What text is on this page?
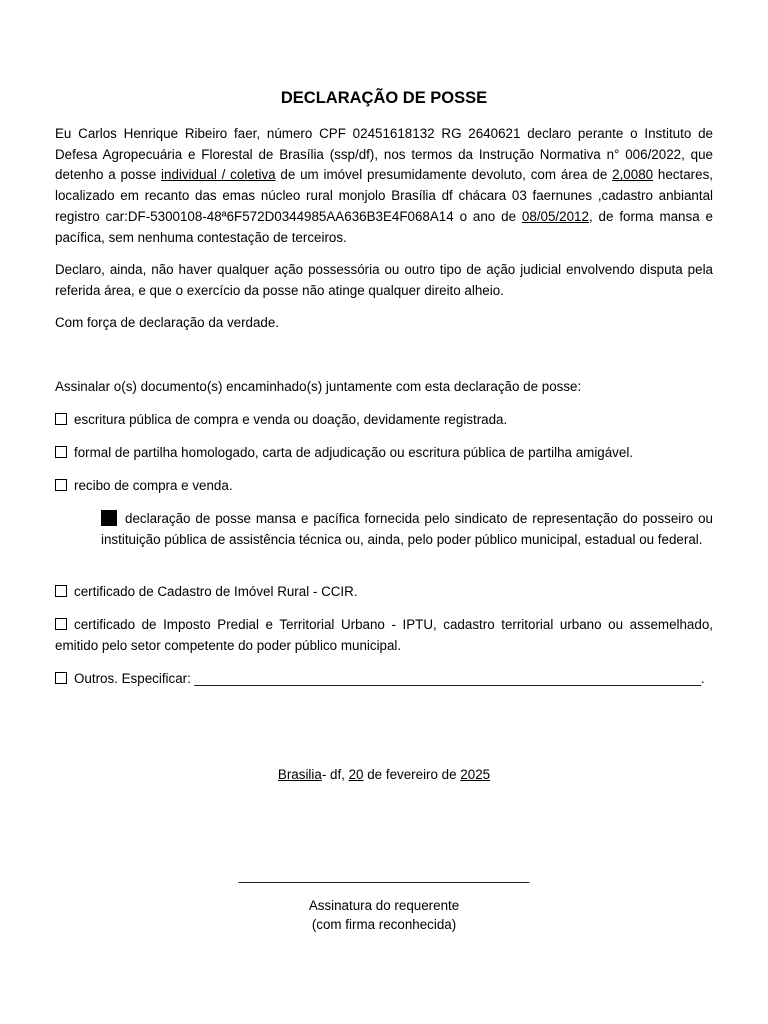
DECLARAÇÃO DE POSSE

Eu Carlos Henrique Ribeiro faer, número CPF 02451618132 RG 2640621 declaro perante o Instituto de Defesa Agropecuária e Florestal de Brasília (ssp/df), nos termos da Instrução Normativa n° 006/2022, que detenho a posse individual / coletiva de um imóvel presumidamente devoluto, com área de 2,0080 hectares, localizado em recanto das emas núcleo rural monjolo Brasília df chácara 03 faernunes ,cadastro anbiantal registro car:DF-5300108-48ª6F572D0344985AA636B3E4F068A14 o ano de 08/05/2012, de forma mansa e pacífica, sem nenhuma contestação de terceiros.

Declaro, ainda, não haver qualquer ação possessória ou outro tipo de ação judicial envolvendo disputa pela referida área, e que o exercício da posse não atinge qualquer direito alheio.

Com força de declaração da verdade.

Assinalar o(s) documento(s) encaminhado(s) juntamente com esta declaração de posse:

escritura pública de compra e venda ou doação, devidamente registrada.
formal de partilha homologado, carta de adjudicação ou escritura pública de partilha amigável.
recibo de compra e venda.
declaração de posse mansa e pacífica fornecida pelo sindicato de representação do posseiro ou instituição pública de assistência técnica ou, ainda, pelo poder público municipal, estadual ou federal.
certificado de Cadastro de Imóvel Rural - CCIR.
certificado de Imposto Predial e Territorial Urbano - IPTU, cadastro territorial urbano ou assemelhado, emitido pelo setor competente do poder público municipal.
Outros. Especificar: ____________________________________________________________________.
Brasilia- df, 20 de fevereiro de 2025
_______________________________________
Assinatura do requerente
(com firma reconhecida)
